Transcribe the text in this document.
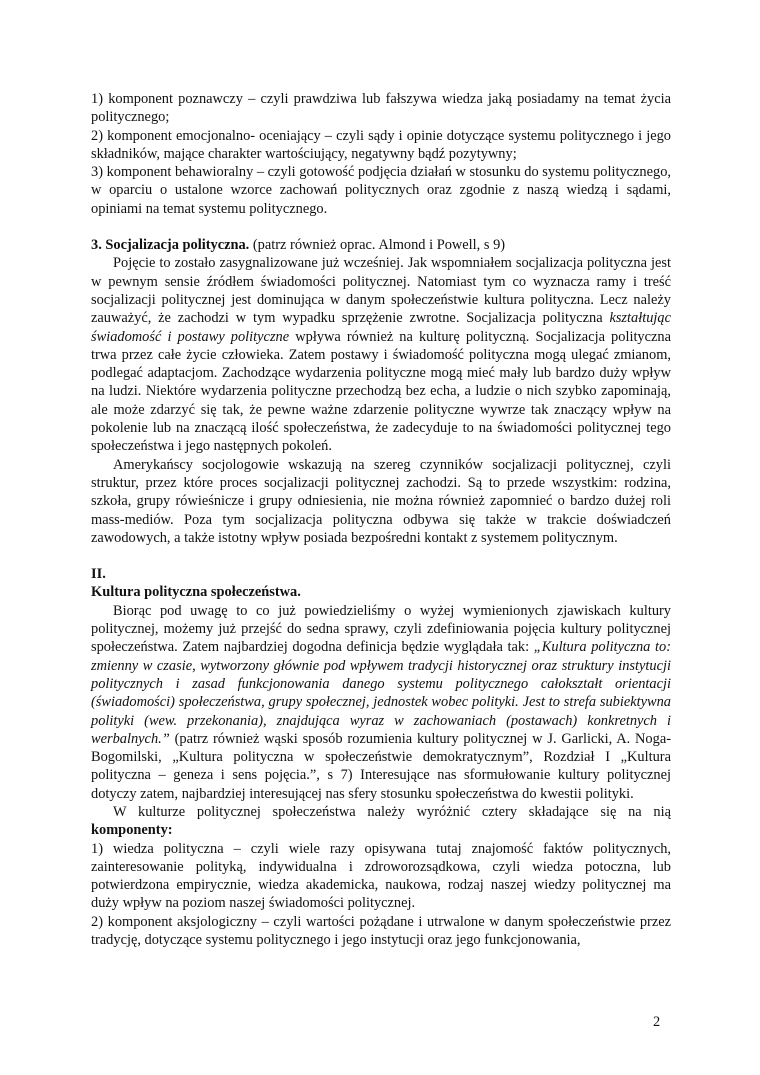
1) komponent poznawczy – czyli prawdziwa lub fałszywa wiedza jaką posiadamy na temat życia politycznego;

2) komponent emocjonalno- oceniający – czyli sądy i opinie dotyczące systemu politycznego i jego składników, mające charakter wartościujący, negatywny bądź pozytywny;

3) komponent behawioralny – czyli gotowość podjęcia działań w stosunku do systemu politycznego, w oparciu o ustalone wzorce zachowań politycznych oraz zgodnie z naszą wiedzą i sądami, opiniami na temat systemu politycznego.

3. Socjalizacja polityczna. (patrz również oprac. Almond i Powell, s 9)

Pojęcie to zostało zasygnalizowane już wcześniej. Jak wspomniałem socjalizacja polityczna jest w pewnym sensie źródłem świadomości politycznej. Natomiast tym co wyznacza ramy i treść socjalizacji politycznej jest dominująca w danym społeczeństwie kultura polityczna. Lecz należy zauważyć, że zachodzi w tym wypadku sprzężenie zwrotne. Socjalizacja polityczna kształtując świadomość i postawy polityczne wpływa również na kulturę polityczną. Socjalizacja polityczna trwa przez całe życie człowieka. Zatem postawy i świadomość polityczna mogą ulegać zmianom, podlegać adaptacjom. Zachodzące wydarzenia polityczne mogą mieć mały lub bardzo duży wpływ na ludzi. Niektóre wydarzenia polityczne przechodzą bez echa, a ludzie o nich szybko zapominają, ale może zdarzyć się tak, że pewne ważne zdarzenie polityczne wywrze tak znaczący wpływ na pokolenie lub na znaczącą ilość społeczeństwa, że zadecyduje to na świadomości politycznej tego społeczeństwa i jego następnych pokoleń.

Amerykańscy socjologowie wskazują na szereg czynników socjalizacji politycznej, czyli struktur, przez które proces socjalizacji politycznej zachodzi. Są to przede wszystkim: rodzina, szkoła, grupy rówieśnicze i grupy odniesienia, nie można również zapomnieć o bardzo dużej roli mass-mediów. Poza tym socjalizacja polityczna odbywa się także w trakcie doświadczeń zawodowych, a także istotny wpływ posiada bezpośredni kontakt z systemem politycznym.

II.

Kultura polityczna społeczeństwa.

Biorąc pod uwagę to co już powiedzieliśmy o wyżej wymienionych zjawiskach kultury politycznej, możemy już przejść do sedna sprawy, czyli zdefiniowania pojęcia kultury politycznej społeczeństwa. Zatem najbardziej dogodna definicja będzie wyglądała tak: „Kultura polityczna to: zmienny w czasie, wytworzony głównie pod wpływem tradycji historycznej oraz struktury instytucji politycznych i zasad funkcjonowania danego systemu politycznego całokształt orientacji (świadomości) społeczeństwa, grupy społecznej, jednostek wobec polityki. Jest to strefa subiektywna polityki (wew. przekonania), znajdująca wyraz w zachowaniach (postawach) konkretnych i werbalnych.” (patrz również wąski sposób rozumienia kultury politycznej w J. Garlicki, A. Noga-Bogomilski, „Kultura polityczna w społeczeństwie demokratycznym”, Rozdział I „Kultura polityczna – geneza i sens pojęcia.”, s 7) Interesujące nas sformułowanie kultury politycznej dotyczy zatem, najbardziej interesującej nas sfery stosunku społeczeństwa do kwestii polityki.

W kulturze politycznej społeczeństwa należy wyróżnić cztery składające się na nią komponenty:

1) wiedza polityczna – czyli wiele razy opisywana tutaj znajomość faktów politycznych, zainteresowanie polityką, indywidualna i zdroworozsądkowa, czyli wiedza potoczna, lub potwierdzona empirycznie, wiedza akademicka, naukowa, rodzaj naszej wiedzy politycznej ma duży wpływ na poziom naszej świadomości politycznej.

2) komponent aksjologiczny – czyli wartości pożądane i utrwalone w danym społeczeństwie przez tradycję, dotyczące systemu politycznego i jego instytucji oraz jego funkcjonowania,

2
